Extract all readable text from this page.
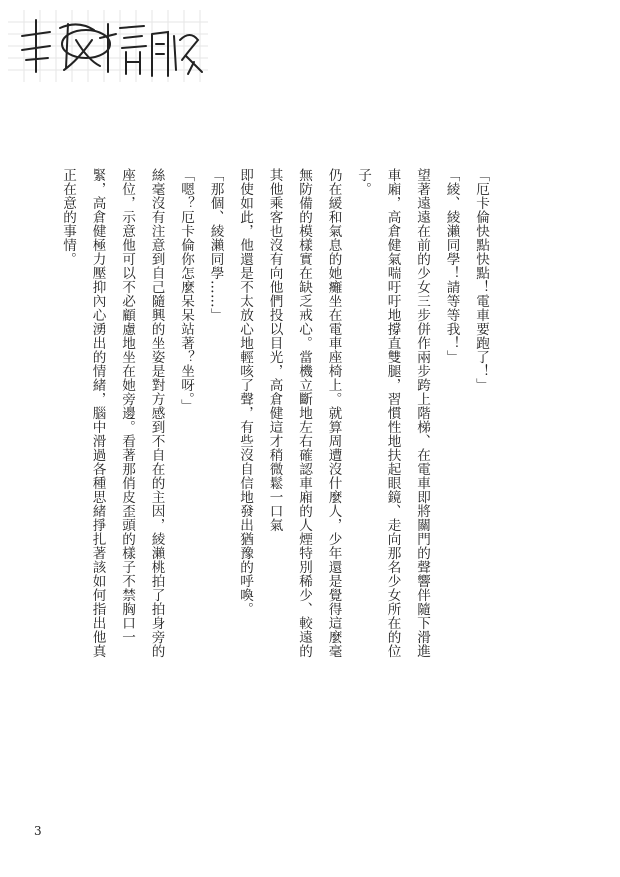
「厄卡倫快點快點！電車要跑了！」

「綾、綾瀨同學！請等等我！」

望著遠遠在前的少女三步併作兩步跨上階梯、在電車即將關門的聲響伴隨下滑進車廂，高倉健氣喘吁吁地撐直雙腿，習慣性地扶起眼鏡、走向那名少女所在的位子。

仍在緩和氣息的她癱坐在電車座椅上。就算周遭沒什麼人，少年還是覺得這麼毫無防備的模樣實在缺乏戒心。當機立斷地左右確認車廂的人煙特別稀少、較遠的其他乘客也沒有向他們投以目光，高倉健這才稍微鬆一口氣

即使如此，他還是不太放心地輕咳了聲，有些沒自信地發出猶豫的呼喚。

「那個、綾瀨同學……」

「嗯？厄卡倫你怎麼呆呆站著？坐呀。」

絲毫沒有注意到自己隨興的坐姿是對方感到不自在的主因，綾瀨桃拍了拍身旁的座位，示意他可以不必顧慮地坐在她旁邊。看著那俏皮歪頭的樣子不禁胸口一緊，高倉健極力壓抑內心湧出的情緒，腦中滑過各種思緒掙扎著該如何指出他真正在意的事情。

3
